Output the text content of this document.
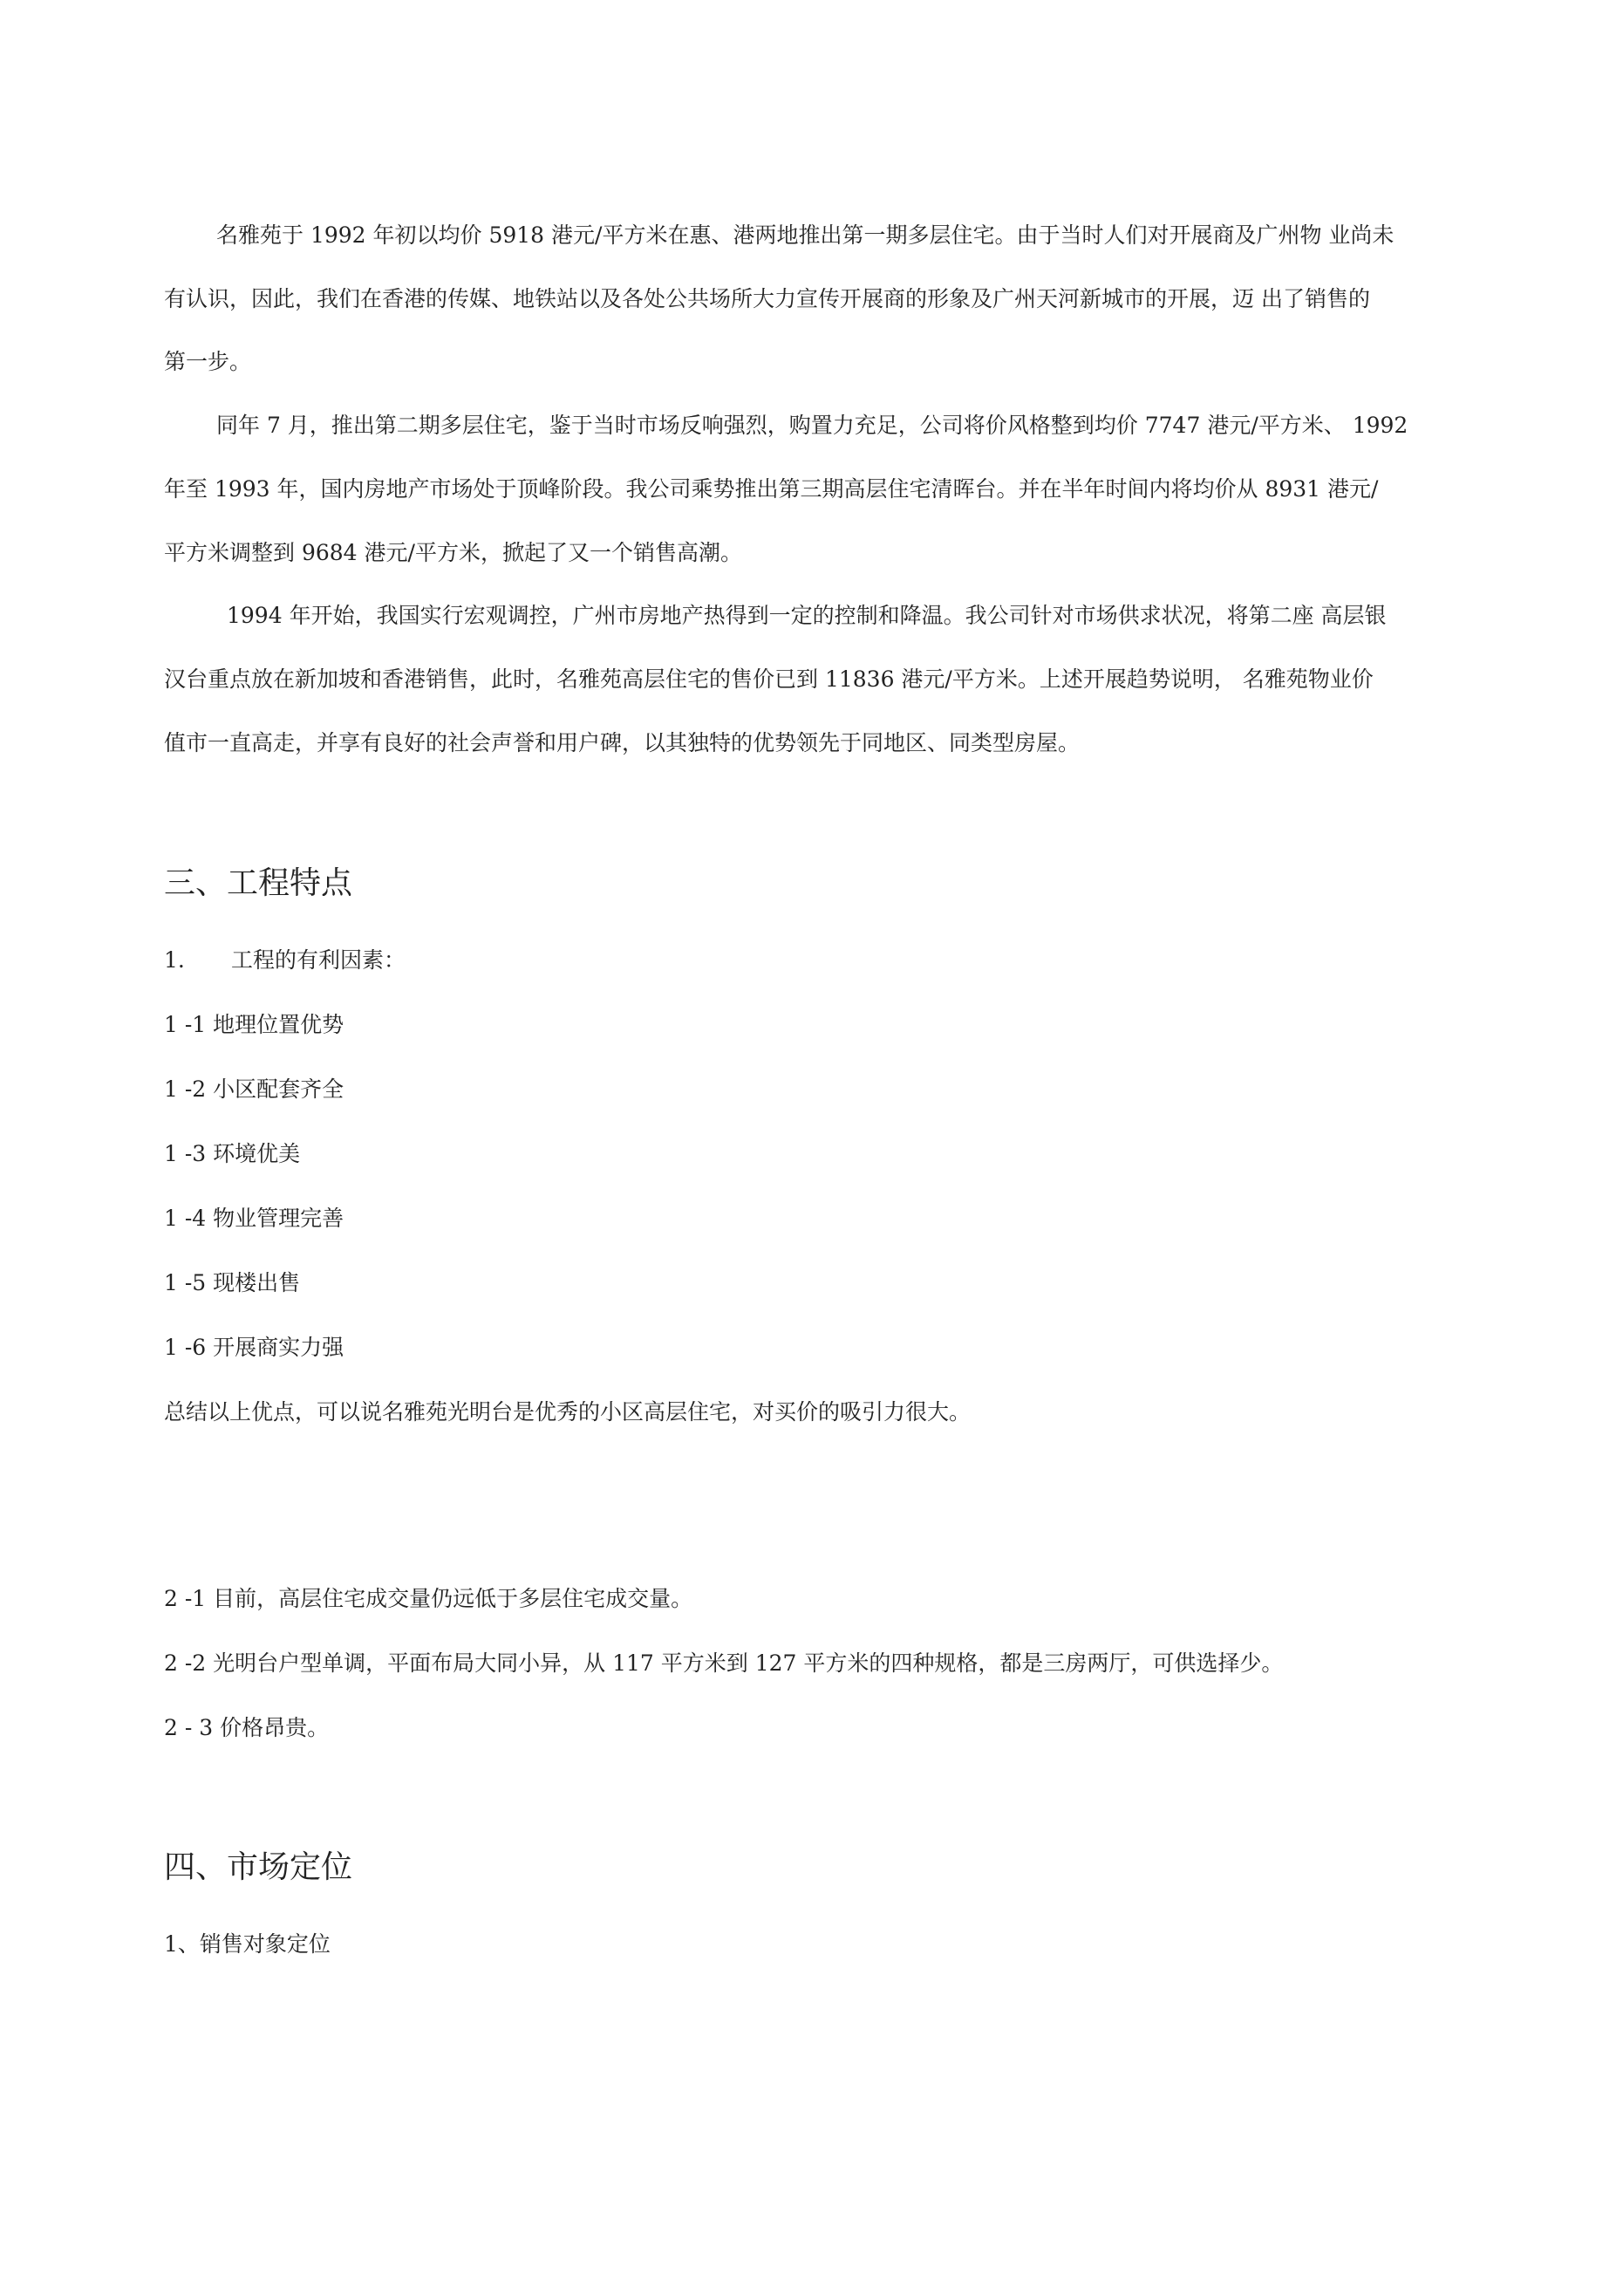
名雅苑于 1992 年初以均价 5918 港元/平方米在惠、港两地推出第一期多层住宅。由于当时人们对开展商及广州物 业尚未
有认识，因此，我们在香港的传媒、地铁站以及各处公共场所大力宣传开展商的形象及广州天河新城市的开展，迈 出了销售的
第一步。
同年 7 月，推出第二期多层住宅，鉴于当时市场反响强烈，购置力充足，公司将价风格整到均价 7747 港元/平方米、 1992
年至 1993 年，国内房地产市场处于顶峰阶段。我公司乘势推出第三期高层住宅清晖台。并在半年时间内将均价从 8931 港元/
平方米调整到 9684 港元/平方米，掀起了又一个销售高潮。
1994 年开始，我国实行宏观调控，广州市房地产热得到一定的控制和降温。我公司针对市场供求状况，将第二座 高层银
汉台重点放在新加坡和香港销售，此时，名雅苑高层住宅的售价已到 11836 港元/平方米。上述开展趋势说明， 名雅苑物业价
值市一直高走，并享有良好的社会声誉和用户碑，以其独特的优势领先于同地区、同类型房屋。
三、工程特点
1. 工程的有利因素：
1 -1 地理位置优势
1 -2 小区配套齐全
1 -3 环境优美
1 -4 物业管理完善
1 -5 现楼出售
1 -6 开展商实力强
总结以上优点，可以说名雅苑光明台是优秀的小区高层住宅，对买价的吸引力很大。
2 -1 目前，高层住宅成交量仍远低于多层住宅成交量。
2 -2 光明台户型单调，平面布局大同小异，从 117 平方米到 127 平方米的四种规格，都是三房两厅，可供选择少。
2 - 3 价格昂贵。
四、市场定位
1、销售对象定位
